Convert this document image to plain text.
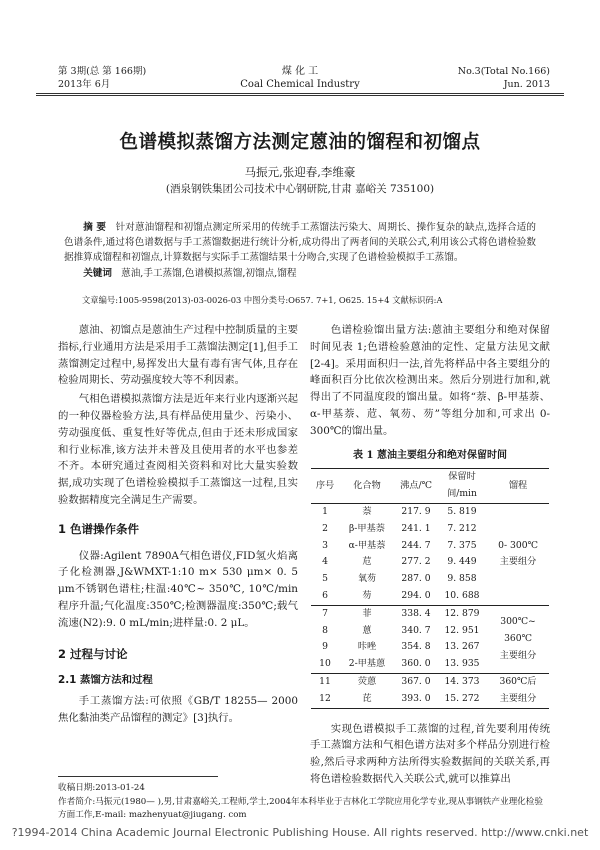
第 3期(总 第 166期)
2013年 6月
煤 化 工
Coal Chemical Industry
No.3(Total No.166)
Jun. 2013
色谱模拟蒸馏方法测定蒽油的馏程和初馏点
马振元,张迎春,李维豪
(酒泉钢铁集团公司技术中心钢研院,甘肃 嘉峪关 735100)
摘 要 针对蒽油馏程和初馏点测定所采用的传统手工蒸馏法污染大、周期长、操作复杂的缺点,选择合适的色谱条件,通过将色谱数据与手工蒸馏数据进行统计分析,成功得出了两者间的关联公式,利用该公式将色谱检验数据推算成馏程和初馏点,计算数据与实际手工蒸馏结果十分吻合,实现了色谱检验模拟手工蒸馏。
关键词 蒽油,手工蒸馏,色谱模拟蒸馏,初馏点,馏程
文章编号:1005-9598(2013)-03-0026-03 中图分类号:O657. 7+1, O625. 15+4 文献标识码:A

蒽油、初馏点是蒽油生产过程中控制质量的主要指标,行业通用方法是采用手工蒸馏法测定[1],但手工蒸馏测定过程中,易挥发出大量有毒有害气体,且存在检验周期长、劳动强度较大等不利因素。

气相色谱模拟蒸馏方法是近年来行业内逐渐兴起的一种仪器检验方法,具有样品使用量少、污染小、劳动强度低、重复性好等优点,但由于还未形成国家和行业标准,该方法并未普及且使用者的水平也参差不齐。本研究通过查阅相关资料和对比大量实验数据,成功实现了色谱检验模拟手工蒸馏这一过程,且实验数据精度完全满足生产需要。

1 色谱操作条件

仪器:Agilent 7890A气相色谱仪,FID氢火焰离子化检测器,J&WMXT-1:10 m× 530 μm× 0. 5 μm不锈钢色谱柱;柱温:40℃~ 350℃, 10℃/min程序升温;气化温度:350℃;检测器温度:350℃;载气流速(N2):9. 0 mL/min;进样量:0. 2 μL。

2 过程与讨论
2.1 蒸馏方法和过程

手工蒸馏方法:可依照《GB/T 18255— 2000焦化黏油类产品馏程的测定》[3]执行。

色谱检验馏出量方法:蒽油主要组分和绝对保留时间见表 1;色谱检验蒽油的定性、定量方法见文献[2-4]。采用面积归一法,首先将样品中各主要组分的峰面积百分比依次检测出来。然后分别进行加和,就得出了不同温度段的馏出量。如将“萘、β-甲基萘、α-甲基萘、苊、氧芴、芴”等组分加和,可求出 0- 300℃的馏出量。

表 1 蒽油主要组分和绝对保留时间
序号	化合物	沸点/℃	保留时间/min	馏程
1	萘	217. 9	5. 819	0- 300℃
主要组分

2	β-甲基萘	241. 1	7. 212	
3	α-甲基萘	244. 7	7. 375	
4	苊	277. 2	9. 449	
5	氧芴	287. 0	9. 858	
6	芴	294. 0	10. 688	
7	菲	338. 4	12. 879	300℃~ 360℃
主要组分

8	蒽	340. 7	12. 951	
9	咔唑	354. 8	13. 267	
10	2-甲基蒽	360. 0	13. 935	
11	荧蒽	367. 0	14. 373	360℃后
主要组分

12	芘	393. 0	15. 272	

实现色谱模拟手工蒸馏的过程,首先要利用传统手工蒸馏方法和气相色谱方法对多个样品分别进行检验,然后寻求两种方法所得实验数据间的关联关系,再将色谱检验数据代入关联公式,就可以推算出

收稿日期:2013-01-24
作者简介:马振元(1980— ),男,甘肃嘉峪关,工程师,学士,2004年本科毕业于吉林化工学院应用化学专业,现从事钢铁产业理化检验方面工作,E-mail: mazhenyuat@jiugang. com
?1994-2014 China Academic Journal Electronic Publishing House. All rights reserved. http://www.cnki.net
